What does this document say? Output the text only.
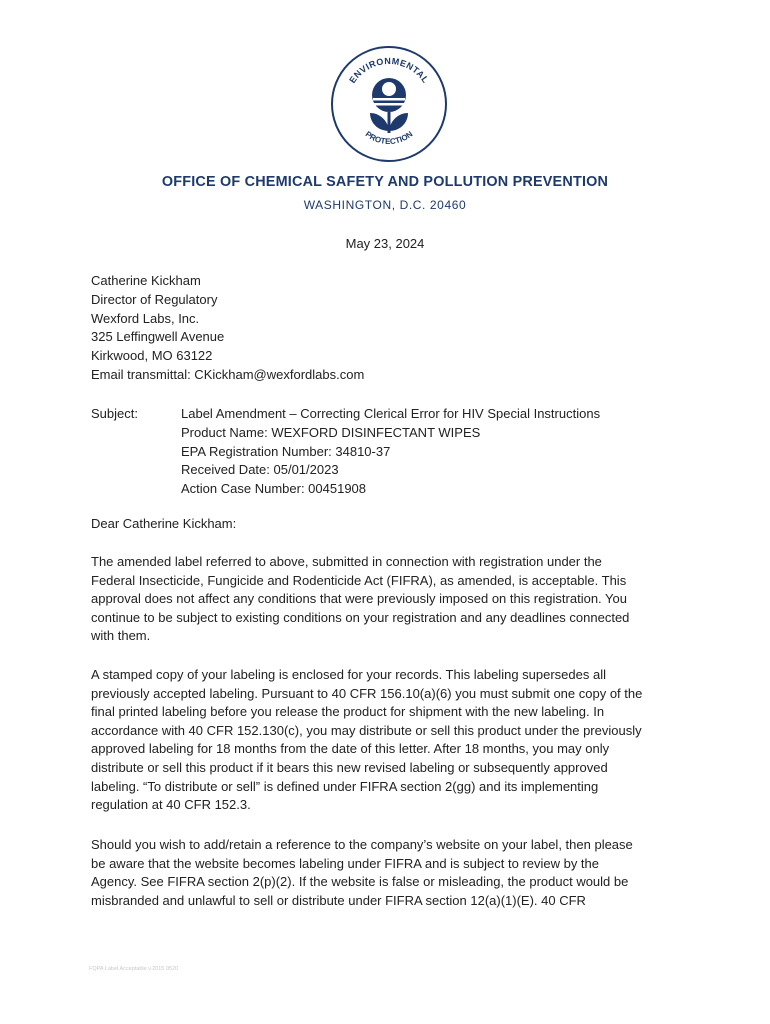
ENVIRONMENTAL
PROTECTION
OFFICE OF CHEMICAL SAFETY AND POLLUTION PREVENTION
WASHINGTON, D.C. 20460
May 23, 2024
Catherine Kickham
Director of Regulatory
Wexford Labs, Inc.
325 Leffingwell Avenue
Kirkwood, MO 63122
Email transmittal: CKickham@wexfordlabs.com
Subject:	Label Amendment – Correcting Clerical Error for HIV Special Instructions
Product Name: WEXFORD DISINFECTANT WIPES
EPA Registration Number: 34810-37
Received Date: 05/01/2023
Action Case Number: 00451908
Dear Catherine Kickham:
The amended label referred to above, submitted in connection with registration under the
Federal Insecticide, Fungicide and Rodenticide Act (FIFRA), as amended, is acceptable. This
approval does not affect any conditions that were previously imposed on this registration. You
continue to be subject to existing conditions on your registration and any deadlines connected
with them.
A stamped copy of your labeling is enclosed for your records. This labeling supersedes all
previously accepted labeling. Pursuant to 40 CFR 156.10(a)(6) you must submit one copy of the
final printed labeling before you release the product for shipment with the new labeling. In
accordance with 40 CFR 152.130(c), you may distribute or sell this product under the previously
approved labeling for 18 months from the date of this letter. After 18 months, you may only
distribute or sell this product if it bears this new revised labeling or subsequently approved
labeling. “To distribute or sell” is defined under FIFRA section 2(gg) and its implementing
regulation at 40 CFR 152.3.
Should you wish to add/retain a reference to the company’s website on your label, then please
be aware that the website becomes labeling under FIFRA and is subject to review by the
Agency. See FIFRA section 2(p)(2). If the website is false or misleading, the product would be
misbranded and unlawful to sell or distribute under FIFRA section 12(a)(1)(E). 40 CFR
FQPA Label Acceptable v.2015 0520
